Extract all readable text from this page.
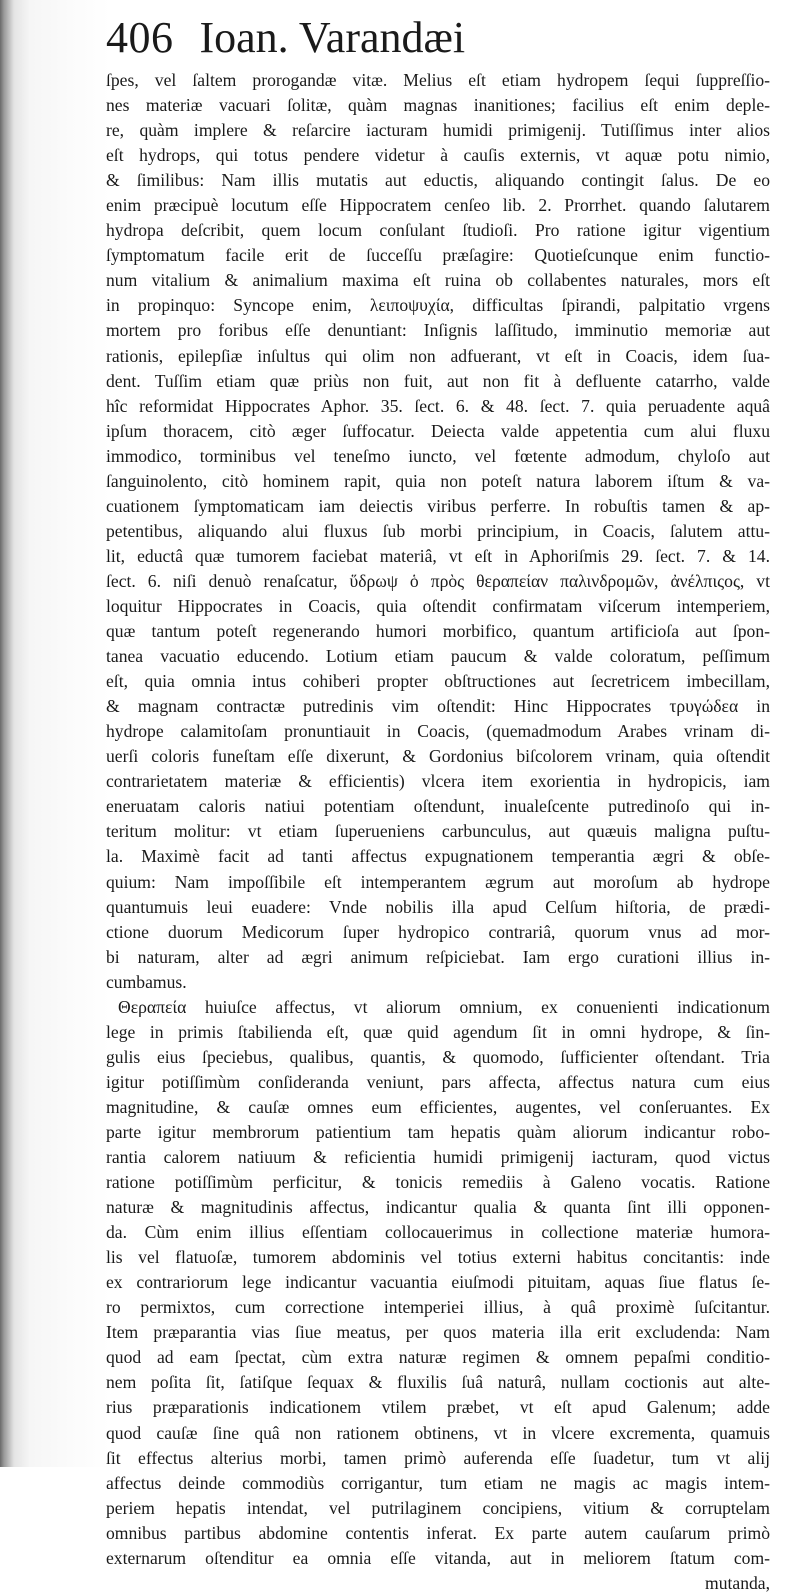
406 Ioan. Varandæi
ſpes, vel ſaltem prorogandæ vitæ. Melius eſt etiam hydropem ſequi ſuppreſſio-
nes materiæ vacuari ſolitæ, quàm magnas inanitiones; facilius eſt enim deple-
re, quàm implere & reſarcire iacturam humidi primigenij. Tutiſſimus inter alios
eſt hydrops, qui totus pendere videtur à cauſis externis, vt aquæ potu nimio,
& ſimilibus: Nam illis mutatis aut eductis, aliquando contingit ſalus. De eo
enim præcipuè locutum eſſe Hippocratem cenſeo lib. 2. Prorrhet. quando ſalutarem
hydropa deſcribit, quem locum conſulant ſtudioſi. Pro ratione igitur vigentium
ſymptomatum facile erit de ſucceſſu præſagire: Quotieſcunque enim functio-
num vitalium & animalium maxima eſt ruina ob collabentes naturales, mors eſt
in propinquo: Syncope enim, λειποψυχία, difficultas ſpirandi, palpitatio vrgens
mortem pro foribus eſſe denuntiant: Inſignis laſſitudo, imminutio memoriæ aut
rationis, epilepſiæ inſultus qui olim non adfuerant, vt eſt in Coacis, idem ſua-
dent. Tuſſim etiam quæ priùs non fuit, aut non fit à defluente catarrho, valde
hîc reformidat Hippocrates Aphor. 35. ſect. 6. & 48. ſect. 7. quia peruadente aquâ
ipſum thoracem, citò æger ſuffocatur. Deiecta valde appetentia cum alui fluxu
immodico, torminibus vel teneſmo iuncto, vel fœtente admodum, chyloſo aut
ſanguinolento, citò hominem rapit, quia non poteſt natura laborem iſtum & va-
cuationem ſymptomaticam iam deiectis viribus perferre. In robuſtis tamen & ap-
petentibus, aliquando alui fluxus ſub morbi principium, in Coacis, ſalutem attu-
lit, eductâ quæ tumorem faciebat materiâ, vt eſt in Aphoriſmis 29. ſect. 7. & 14.
ſect. 6. niſi denuò renaſcatur, ὕδρωψ ὁ πρὸς θεραπείαν παλινδρομῶν, ἀνέλπιςος, vt
loquitur Hippocrates in Coacis, quia oſtendit confirmatam viſcerum intemperiem,
quæ tantum poteſt regenerando humori morbifico, quantum artificioſa aut ſpon-
tanea vacuatio educendo. Lotium etiam paucum & valde coloratum, peſſimum
eſt, quia omnia intus cohiberi propter obſtructiones aut ſecretricem imbecillam,
& magnam contractæ putredinis vim oſtendit: Hinc Hippocrates τρυγώδεα in
hydrope calamitoſam pronuntiauit in Coacis, (quemadmodum Arabes vrinam di-
uerſi coloris funeſtam eſſe dixerunt, & Gordonius biſcolorem vrinam, quia oſtendit
contrarietatem materiæ & efficientis) vlcera item exorientia in hydropicis, iam
eneruatam caloris natiui potentiam oſtendunt, inualeſcente putredinoſo qui in-
teritum molitur: vt etiam ſuperueniens carbunculus, aut quæuis maligna puſtu-
la. Maximè facit ad tanti affectus expugnationem temperantia ægri & obſe-
quium: Nam impoſſibile eſt intemperantem ægrum aut moroſum ab hydrope
quantumuis leui euadere: Vnde nobilis illa apud Celſum hiſtoria, de prædi-
ctione duorum Medicorum ſuper hydropico contrariâ, quorum vnus ad mor-
bi naturam, alter ad ægri animum reſpiciebat. Iam ergo curationi illius in-
cumbamus.
Θεραπεία huiuſce affectus, vt aliorum omnium, ex conuenienti indicationum
lege in primis ſtabilienda eſt, quæ quid agendum ſit in omni hydrope, & ſin-
gulis eius ſpeciebus, qualibus, quantis, & quomodo, ſufficienter oſtendant. Tria
igitur potiſſimùm conſideranda veniunt, pars affecta, affectus natura cum eius
magnitudine, & cauſæ omnes eum efficientes, augentes, vel conſeruantes. Ex
parte igitur membrorum patientium tam hepatis quàm aliorum indicantur robo-
rantia calorem natiuum & reficientia humidi primigenij iacturam, quod victus
ratione potiſſimùm perficitur, & tonicis remediis à Galeno vocatis. Ratione
naturæ & magnitudinis affectus, indicantur qualia & quanta ſint illi opponen-
da. Cùm enim illius eſſentiam collocauerimus in collectione materiæ humora-
lis vel flatuoſæ, tumorem abdominis vel totius externi habitus concitantis: inde
ex contrariorum lege indicantur vacuantia eiuſmodi pituitam, aquas ſiue flatus ſe-
ro permixtos, cum correctione intemperiei illius, à quâ proximè ſuſcitantur.
Item præparantia vias ſiue meatus, per quos materia illa erit excludenda: Nam
quod ad eam ſpectat, cùm extra naturæ regimen & omnem pepaſmi conditio-
nem poſita ſit, ſatiſque ſequax & fluxilis ſuâ naturâ, nullam coctionis aut alte-
rius præparationis indicationem vtilem præbet, vt eſt apud Galenum; adde
quod cauſæ ſine quâ non rationem obtinens, vt in vlcere excrementa, quamuis
ſit effectus alterius morbi, tamen primò auferenda eſſe ſuadetur, tum vt alij
affectus deinde commodiùs corrigantur, tum etiam ne magis ac magis intem-
periem hepatis intendat, vel putrilaginem concipiens, vitium & corruptelam
omnibus partibus abdomine contentis inferat. Ex parte autem cauſarum primò
externarum oſtenditur ea omnia eſſe vitanda, aut in meliorem ſtatum com-
mutanda,
